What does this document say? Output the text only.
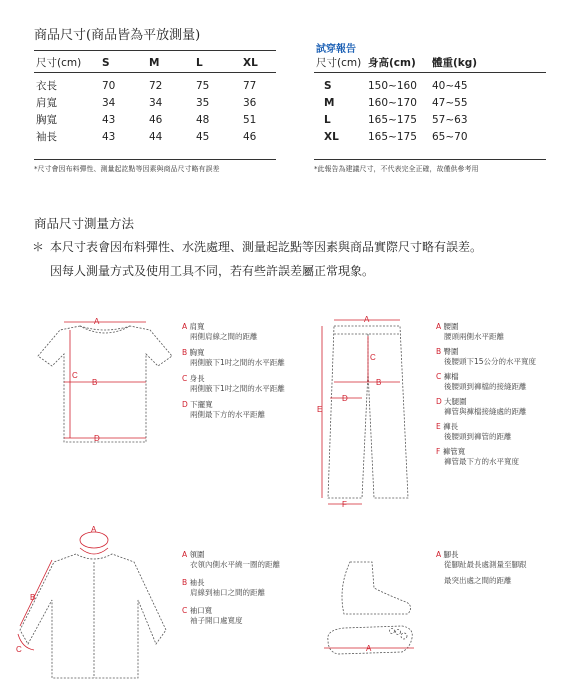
商品尺寸(商品皆為平放測量)
尺寸(cm)	S	M	L	XL

衣長	70	72	75	77
肩寬	34	34	35	36
胸寬	43	46	48	51
袖長	43	44	45	46
*尺寸會因布料彈性、測量起訖點等因素與商品尺寸略有誤差
試穿報告
尺寸(cm)	身高(cm)	體重(kg)

S	150~160	40~45
M	160~170	47~55
L	165~175	57~63
XL	165~175	65~70
*此報告為建議尺寸，不代表完全正確，故僅供參考用
商品尺寸測量方法
＊ 本尺寸表會因布料彈性、水洗處理、測量起訖點等因素與商品實際尺寸略有誤差。
因每人測量方式及使用工具不同，若有些許誤差屬正常現象。
A
B
C
D
A 肩寬
兩側肩線之間的距離
B 胸寬
兩側腋下1吋之間的水平距離
C 身長
兩側腋下1吋之間的水平距離
D 下擺寬
兩側最下方的水平距離
A
B
C
D
E
F
A 腰圍
腰頭兩側水平距離
B 臀圍
後腰頭下15公分的水平寬度
C 褲檔
後腰頭到褲檔的接縫距離
D 大腿圍
褲管與褲檔接縫處的距離
E 褲長
後腰頭到褲管的距離
F 褲管寬
褲管最下方的水平寬度
A
B
C
A 領圍
衣領內側水平繞一圈的距離
B 袖長
肩線到袖口之間的距離
C 袖口寬
袖子開口處寬度
A
A 腳長
從腳趾最長處測量至腳跟
最突出處之間的距離
